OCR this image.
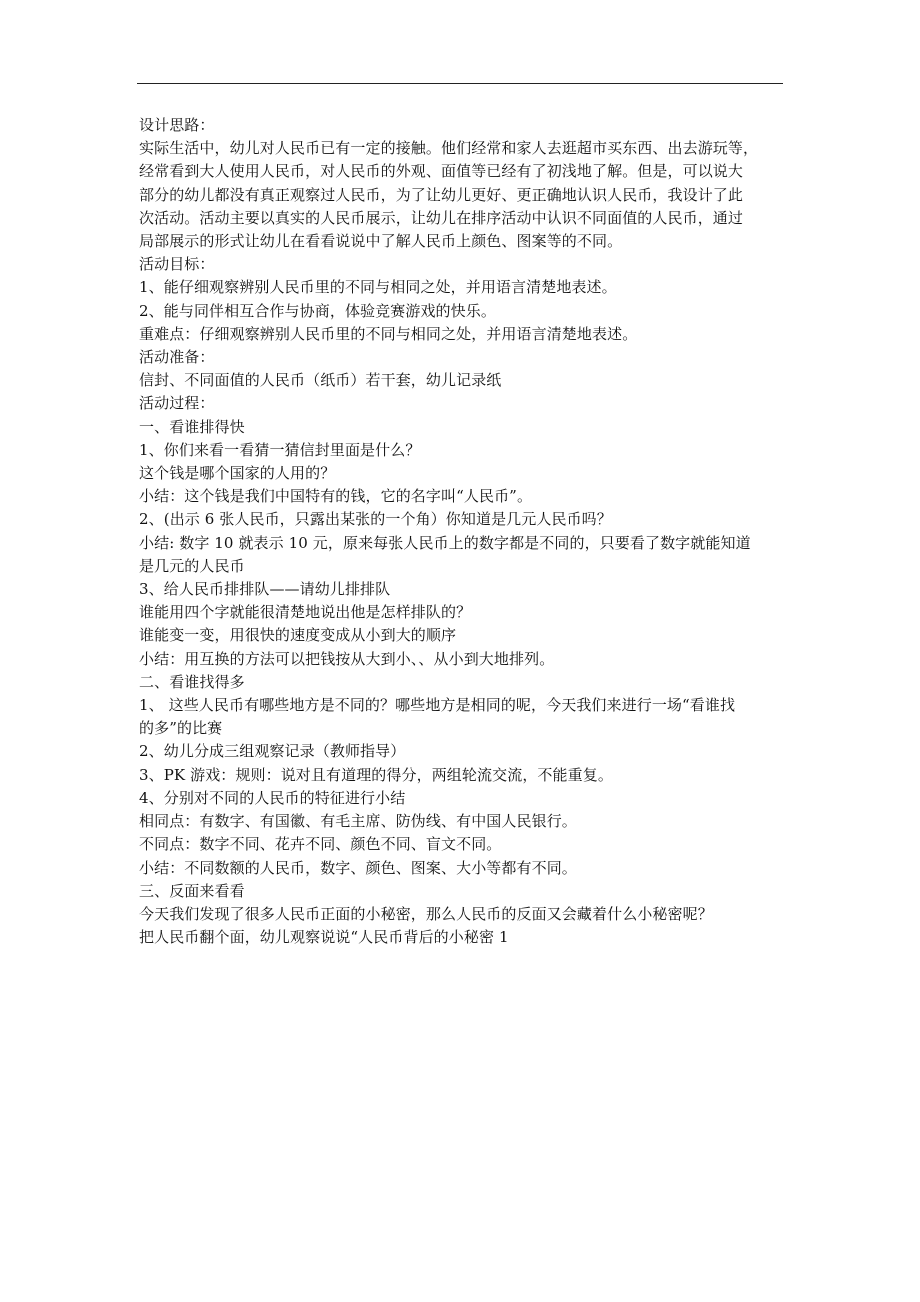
设计思路：
实际生活中，幼儿对人民币已有一定的接触。他们经常和家人去逛超市买东西、出去游玩等，
经常看到大人使用人民币，对人民币的外观、面值等已经有了初浅地了解。但是，可以说大
部分的幼儿都没有真正观察过人民币，为了让幼儿更好、更正确地认识人民币，我设计了此
次活动。活动主要以真实的人民币展示，让幼儿在排序活动中认识不同面值的人民币，通过
局部展示的形式让幼儿在看看说说中了解人民币上颜色、图案等的不同。
活动目标：
1、能仔细观察辨别人民币里的不同与相同之处，并用语言清楚地表述。
2、能与同伴相互合作与协商，体验竞赛游戏的快乐。
重难点：仔细观察辨别人民币里的不同与相同之处，并用语言清楚地表述。
活动准备：
信封、不同面值的人民币（纸币）若干套，幼儿记录纸
活动过程：
一、看谁排得快
1、你们来看一看猜一猜信封里面是什么？
这个钱是哪个国家的人用的？
小结：这个钱是我们中国特有的钱，它的名字叫“人民币”。
2、(出示 6 张人民币，只露出某张的一个角）你知道是几元人民币吗？
小结: 数字 10 就表示 10 元，原来每张人民币上的数字都是不同的，只要看了数字就能知道
是几元的人民币
3、给人民币排排队——请幼儿排排队
谁能用四个字就能很清楚地说出他是怎样排队的？
谁能变一变，用很快的速度变成从小到大的顺序
小结：用互换的方法可以把钱按从大到小、、从小到大地排列。
二、看谁找得多
1、 这些人民币有哪些地方是不同的？哪些地方是相同的呢，今天我们来进行一场“看谁找
的多”的比赛
2、幼儿分成三组观察记录（教师指导）
3、PK 游戏：规则：说对且有道理的得分，两组轮流交流，不能重复。
4、分别对不同的人民币的特征进行小结
相同点：有数字、有国徽、有毛主席、防伪线、有中国人民银行。
不同点：数字不同、花卉不同、颜色不同、盲文不同。
小结：不同数额的人民币，数字、颜色、图案、大小等都有不同。
三、反面来看看
今天我们发现了很多人民币正面的小秘密，那么人民币的反面又会藏着什么小秘密呢？
把人民币翻个面，幼儿观察说说“人民币背后的小秘密 1
